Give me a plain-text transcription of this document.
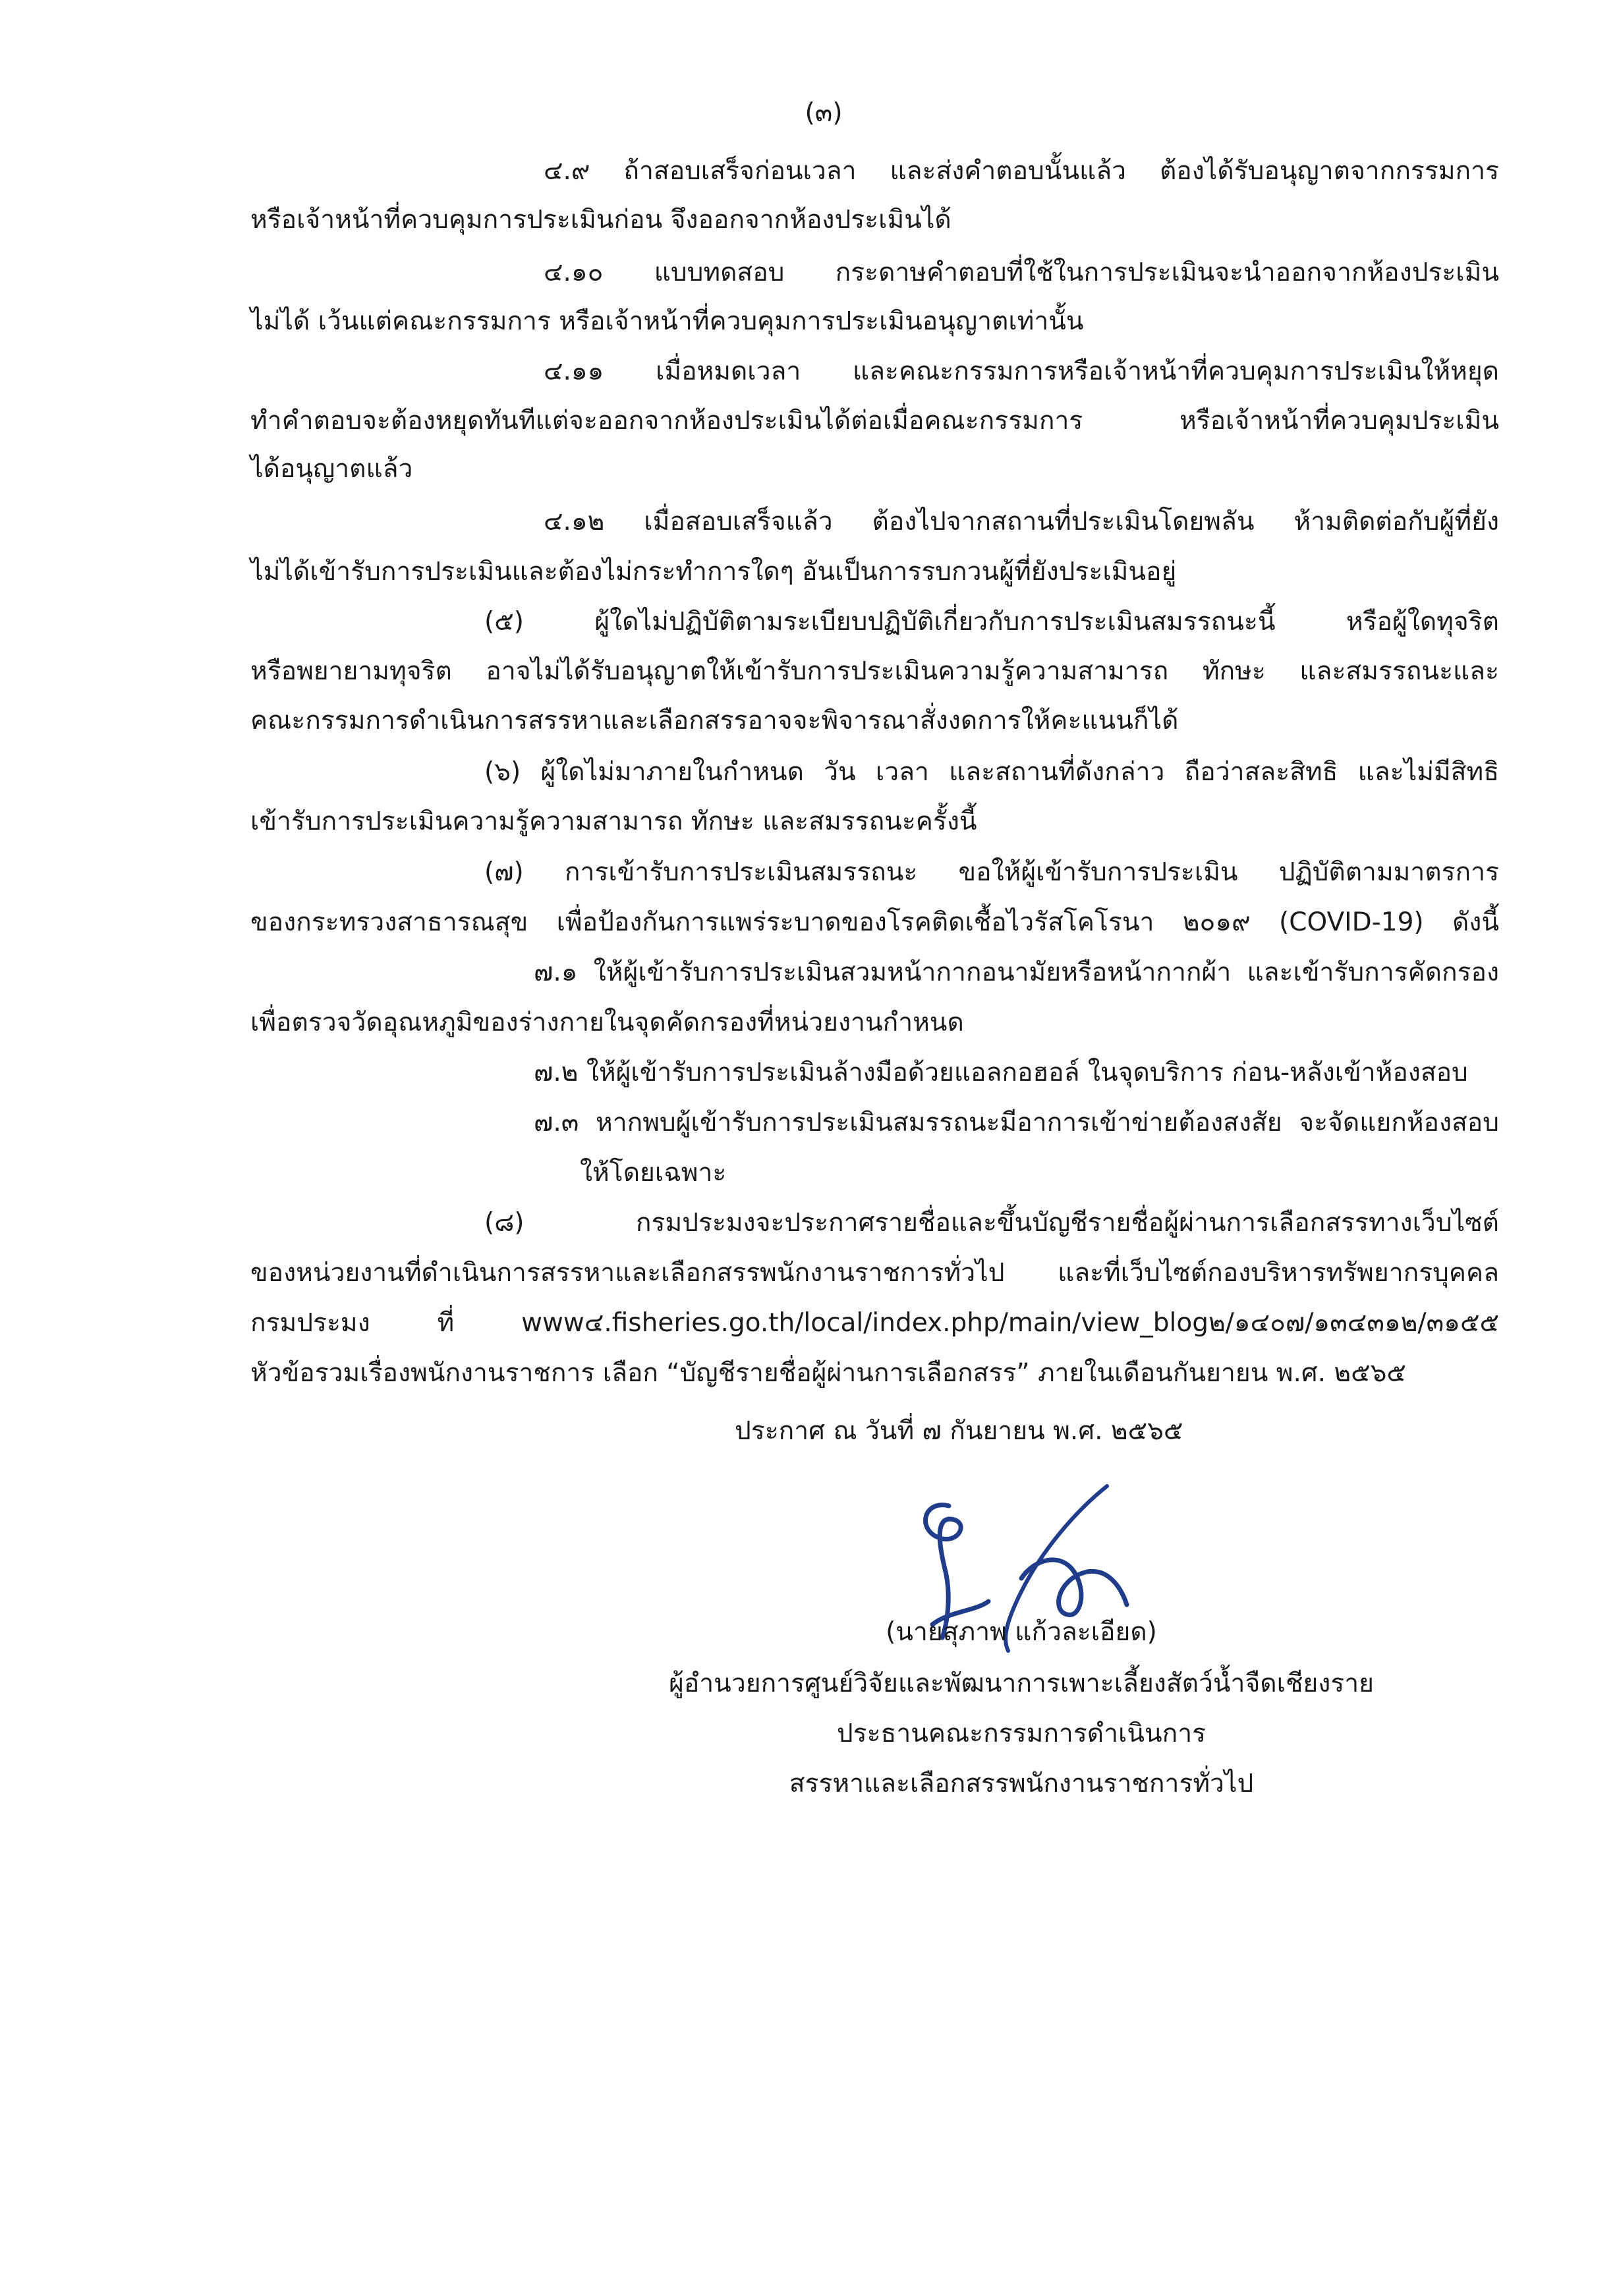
(๓)
๔.๙ ถ้าสอบเสร็จก่อนเวลา และส่งคำตอบนั้นแล้ว ต้องได้รับอนุญาตจากกรรมการ
หรือเจ้าหน้าที่ควบคุมการประเมินก่อน จึงออกจากห้องประเมินได้
๔.๑๐ แบบทดสอบ กระดาษคำตอบที่ใช้ในการประเมินจะนำออกจากห้องประเมิน
ไม่ได้ เว้นแต่คณะกรรมการ หรือเจ้าหน้าที่ควบคุมการประเมินอนุญาตเท่านั้น
๔.๑๑ เมื่อหมดเวลา และคณะกรรมการหรือเจ้าหน้าที่ควบคุมการประเมินให้หยุด
ทำคำตอบจะต้องหยุดทันทีแต่จะออกจากห้องประเมินได้ต่อเมื่อคณะกรรมการ หรือเจ้าหน้าที่ควบคุมประเมิน
ได้อนุญาตแล้ว
๔.๑๒ เมื่อสอบเสร็จแล้ว ต้องไปจากสถานที่ประเมินโดยพลัน ห้ามติดต่อกับผู้ที่ยัง
ไม่ได้เข้ารับการประเมินและต้องไม่กระทำการใดๆ อันเป็นการรบกวนผู้ที่ยังประเมินอยู่
(๕) ผู้ใดไม่ปฏิบัติตามระเบียบปฏิบัติเกี่ยวกับการประเมินสมรรถนะนี้ หรือผู้ใดทุจริต
หรือพยายามทุจริต อาจไม่ได้รับอนุญาตให้เข้ารับการประเมินความรู้ความสามารถ ทักษะ และสมรรถนะและ
คณะกรรมการดำเนินการสรรหาและเลือกสรรอาจจะพิจารณาสั่งงดการให้คะแนนก็ได้
(๖) ผู้ใดไม่มาภายในกำหนด วัน เวลา และสถานที่ดังกล่าว ถือว่าสละสิทธิ และไม่มีสิทธิ
เข้ารับการประเมินความรู้ความสามารถ ทักษะ และสมรรถนะครั้งนี้
(๗) การเข้ารับการประเมินสมรรถนะ ขอให้ผู้เข้ารับการประเมิน ปฏิบัติตามมาตรการ
ของกระทรวงสาธารณสุข เพื่อป้องกันการแพร่ระบาดของโรคติดเชื้อไวรัสโคโรนา ๒๐๑๙ (COVID-19) ดังนี้
๗.๑ ให้ผู้เข้ารับการประเมินสวมหน้ากากอนามัยหรือหน้ากากผ้า และเข้ารับการคัดกรอง
เพื่อตรวจวัดอุณหภูมิของร่างกายในจุดคัดกรองที่หน่วยงานกำหนด
๗.๒ ให้ผู้เข้ารับการประเมินล้างมือด้วยแอลกอฮอล์ ในจุดบริการ ก่อน-หลังเข้าห้องสอบ
๗.๓ หากพบผู้เข้ารับการประเมินสมรรถนะมีอาการเข้าข่ายต้องสงสัย จะจัดแยกห้องสอบ
ให้โดยเฉพาะ
(๘) กรมประมงจะประกาศรายชื่อและขึ้นบัญชีรายชื่อผู้ผ่านการเลือกสรรทางเว็บไซต์
ของหน่วยงานที่ดำเนินการสรรหาและเลือกสรรพนักงานราชการทั่วไป และที่เว็บไซต์กองบริหารทรัพยากรบุคคล
กรมประมง ที่ www๔.fisheries.go.th/local/index.php/main/view_blog๒/๑๔๐๗/๑๓๔๓๑๒/๓๑๕๕
หัวข้อรวมเรื่องพนักงานราชการ เลือก “บัญชีรายชื่อผู้ผ่านการเลือกสรร” ภายในเดือนกันยายน พ.ศ. ๒๕๖๕
ประกาศ ณ วันที่ ๗ กันยายน พ.ศ. ๒๕๖๕
(นายสุภาพ แก้วละเอียด)
ผู้อำนวยการศูนย์วิจัยและพัฒนาการเพาะเลี้ยงสัตว์น้ำจืดเชียงราย
ประธานคณะกรรมการดำเนินการ
สรรหาและเลือกสรรพนักงานราชการทั่วไป
